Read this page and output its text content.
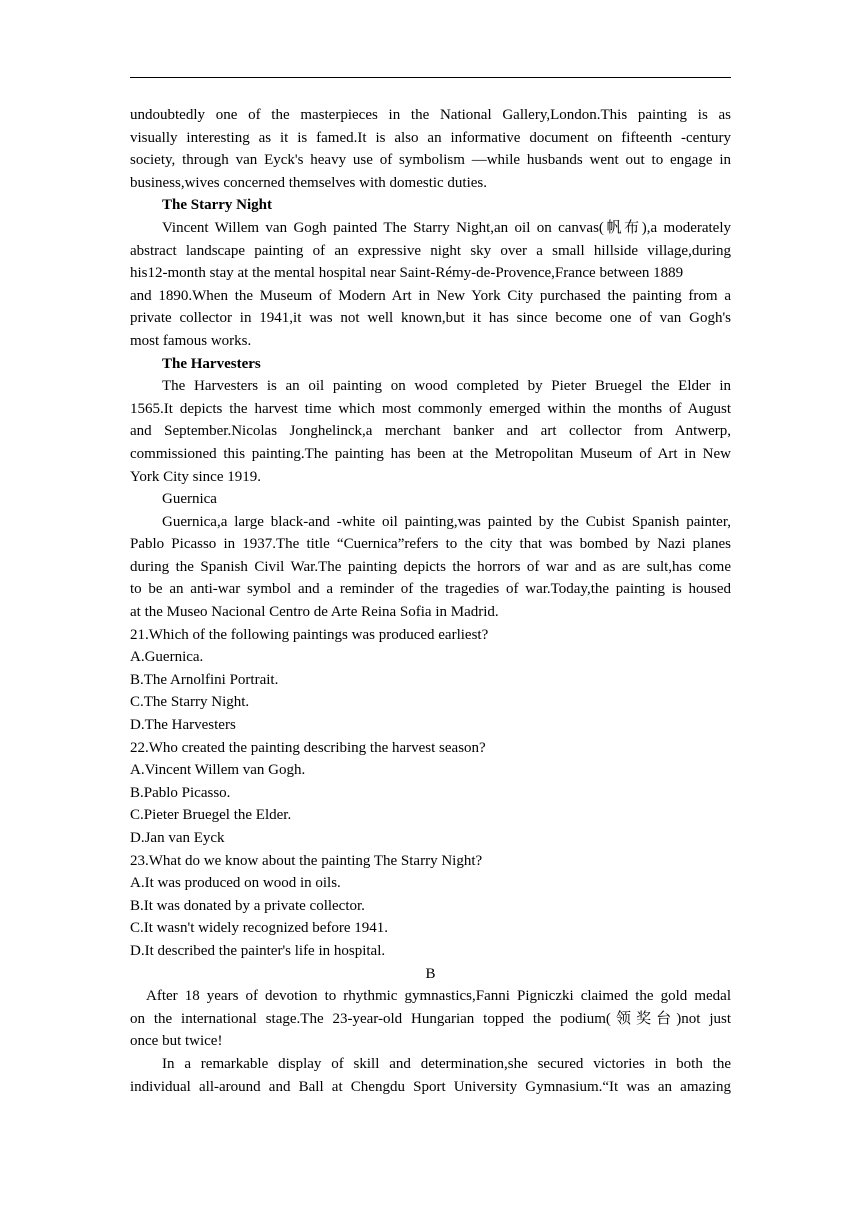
undoubtedly one of the masterpieces in the National Gallery,London.This painting is as

visually interesting as it is famed.It is also an informative document on fifteenth -century

society, through van Eyck's heavy use of symbolism —while husbands went out to engage in

business,wives concerned themselves with domestic duties.

The Starry Night

Vincent Willem van Gogh painted The Starry Night,an oil on canvas(帆布),a moderately

abstract landscape painting of an expressive night sky over a small hillside village,during

his12-month stay at the mental hospital near Saint-Rémy-de-Provence,France between 1889

and 1890.When the Museum of Modern Art in New York City purchased the painting from a

private collector in 1941,it was not well known,but it has since become one of van Gogh's

most famous works.

The Harvesters

The Harvesters is an oil painting on wood completed by Pieter Bruegel the Elder in

1565.It depicts the harvest time which most commonly emerged within the months of August

and September.Nicolas Jonghelinck,a merchant banker and art collector from Antwerp,

commissioned this painting.The painting has been at the Metropolitan Museum of Art in New

York City since 1919.

Guernica

Guernica,a large black-and -white oil painting,was painted by the Cubist Spanish painter,

Pablo Picasso in 1937.The title “Cuernica”refers to the city that was bombed by Nazi planes

during the Spanish Civil War.The painting depicts the horrors of war and as are sult,has come

to be an anti-war symbol and a reminder of the tragedies of war.Today,the painting is housed

at the Museo Nacional Centro de Arte Reina Sofia in Madrid.

21.Which of the following paintings was produced earliest?

A.Guernica.

B.The Arnolfini Portrait.

C.The Starry Night.

D.The Harvesters

22.Who created the painting describing the harvest season?

A.Vincent Willem van Gogh.

B.Pablo Picasso.

C.Pieter Bruegel the Elder.

D.Jan van Eyck

23.What do we know about the painting The Starry Night?

A.It was produced on wood in oils.

B.It was donated by a private collector.

C.It wasn't widely recognized before 1941.

D.It described the painter's life in hospital.

B

After 18 years of devotion to rhythmic gymnastics,Fanni Pigniczki claimed the gold medal

on the international stage.The 23-year-old Hungarian topped the podium(领奖台)not just

once but twice!

In a remarkable display of skill and determination,she secured victories in both the

individual all-around and Ball at Chengdu Sport University Gymnasium.“It was an amazing
